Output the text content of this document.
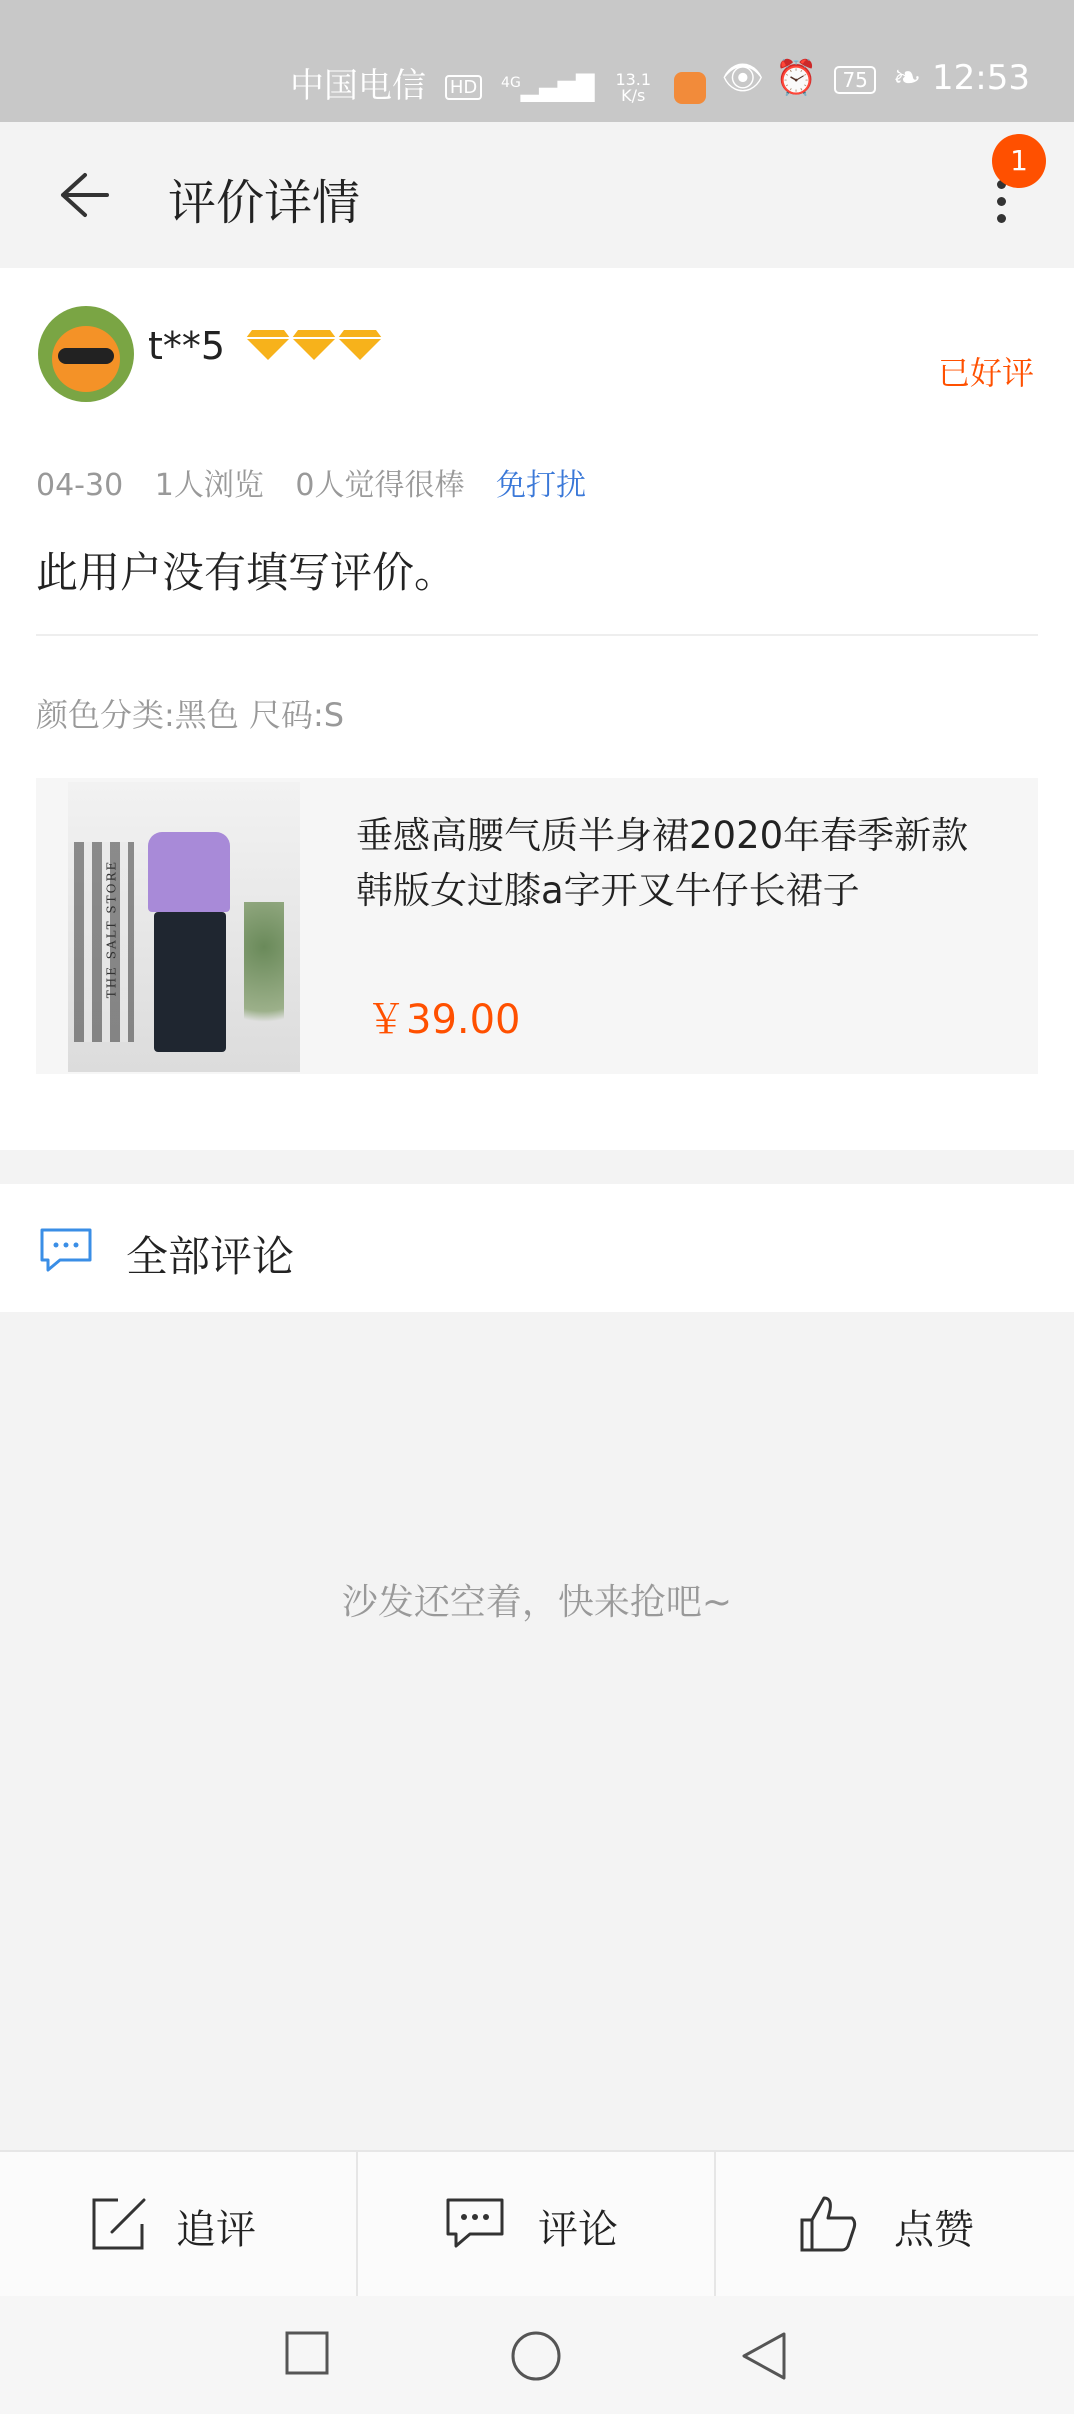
中国电信 HD $^{4G}$▂▄▆█ 13.1
K/s	👁 ⏰ 75 ❧ 12:53
评价详情
1
t**5
已好评
04-30 1人浏览 0人觉得很棒 免打扰
此用户没有填写评价。
颜色分类:黑色 尺码:S
THE SALT STORE
垂感高腰气质半身裙2020年春季新款
韩版女过膝a字开叉牛仔长裙子
￥39.00
全部评论
沙发还空着，快来抢吧~
追评	评论	点赞
